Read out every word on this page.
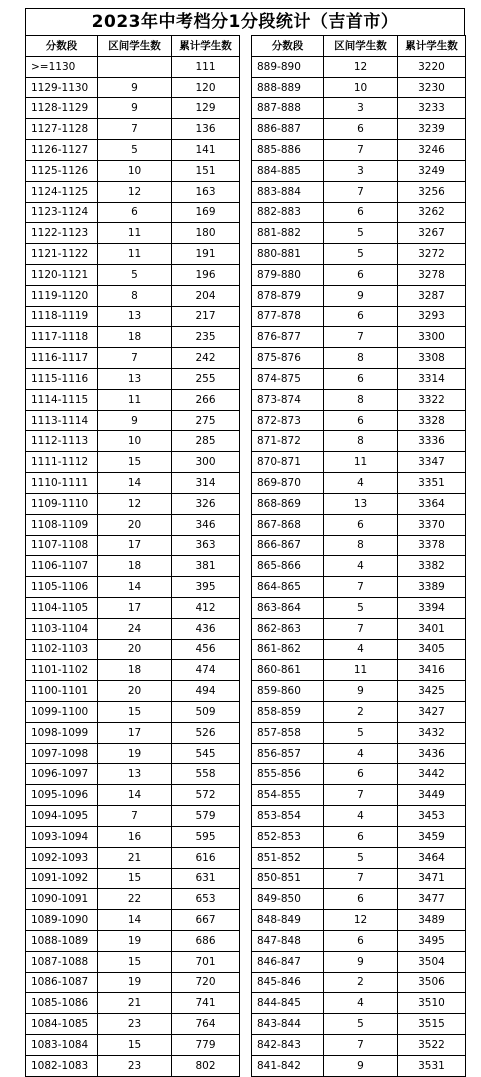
2023年中考档分1分段统计（吉首市）
分数段	区间学生数	累计学生数		分数段	区间学生数	累计学生数
>=1130		111		889-890	12	3220
1129-1130	9	120		888-889	10	3230
1128-1129	9	129		887-888	3	3233
1127-1128	7	136		886-887	6	3239
1126-1127	5	141		885-886	7	3246
1125-1126	10	151		884-885	3	3249
1124-1125	12	163		883-884	7	3256
1123-1124	6	169		882-883	6	3262
1122-1123	11	180		881-882	5	3267
1121-1122	11	191		880-881	5	3272
1120-1121	5	196		879-880	6	3278
1119-1120	8	204		878-879	9	3287
1118-1119	13	217		877-878	6	3293
1117-1118	18	235		876-877	7	3300
1116-1117	7	242		875-876	8	3308
1115-1116	13	255		874-875	6	3314
1114-1115	11	266		873-874	8	3322
1113-1114	9	275		872-873	6	3328
1112-1113	10	285		871-872	8	3336
1111-1112	15	300		870-871	11	3347
1110-1111	14	314		869-870	4	3351
1109-1110	12	326		868-869	13	3364
1108-1109	20	346		867-868	6	3370
1107-1108	17	363		866-867	8	3378
1106-1107	18	381		865-866	4	3382
1105-1106	14	395		864-865	7	3389
1104-1105	17	412		863-864	5	3394
1103-1104	24	436		862-863	7	3401
1102-1103	20	456		861-862	4	3405
1101-1102	18	474		860-861	11	3416
1100-1101	20	494		859-860	9	3425
1099-1100	15	509		858-859	2	3427
1098-1099	17	526		857-858	5	3432
1097-1098	19	545		856-857	4	3436
1096-1097	13	558		855-856	6	3442
1095-1096	14	572		854-855	7	3449
1094-1095	7	579		853-854	4	3453
1093-1094	16	595		852-853	6	3459
1092-1093	21	616		851-852	5	3464
1091-1092	15	631		850-851	7	3471
1090-1091	22	653		849-850	6	3477
1089-1090	14	667		848-849	12	3489
1088-1089	19	686		847-848	6	3495
1087-1088	15	701		846-847	9	3504
1086-1087	19	720		845-846	2	3506
1085-1086	21	741		844-845	4	3510
1084-1085	23	764		843-844	5	3515
1083-1084	15	779		842-843	7	3522
1082-1083	23	802		841-842	9	3531
